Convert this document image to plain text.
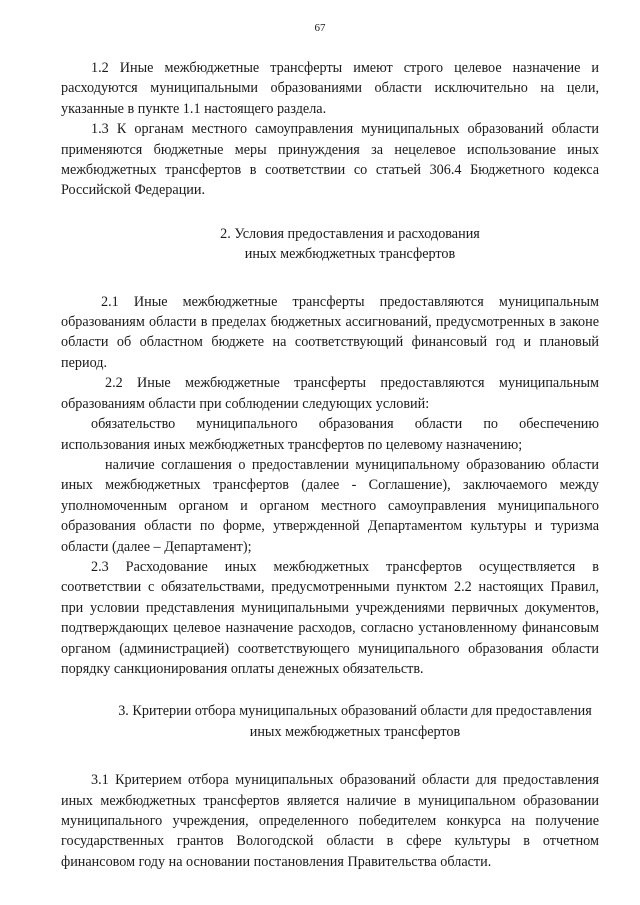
67

1.2 Иные межбюджетные трансферты имеют строго целевое назначение и расходуются муниципальными образованиями области исключительно на цели, указанные в пункте 1.1 настоящего раздела.

1.3 К органам местного самоуправления муниципальных образований области применяются бюджетные меры принуждения за нецелевое использование иных межбюджетных трансфертов в соответствии со статьей 306.4 Бюджетного кодекса Российской Федерации.

2. Условия предоставления и расходования
иных межбюджетных трансфертов

2.1 Иные межбюджетные трансферты предоставляются муниципальным образованиям области в пределах бюджетных ассигнований, предусмотренных в законе области об областном бюджете на соответствующий финансовый год и плановый период.

2.2 Иные межбюджетные трансферты предоставляются муниципальным образованиям области при соблюдении следующих условий:

обязательство муниципального образования области по обеспечению использования иных межбюджетных трансфертов по целевому назначению;

наличие соглашения о предоставлении муниципальному образованию области иных межбюджетных трансфертов (далее - Соглашение), заключаемого между уполномоченным органом и органом местного самоуправления муниципального образования области по форме, утвержденной Департаментом культуры и туризма области (далее – Департамент);

2.3 Расходование иных межбюджетных трансфертов осуществляется в соответствии с обязательствами, предусмотренными пунктом 2.2 настоящих Правил, при условии представления муниципальными учреждениями первичных документов, подтверждающих целевое назначение расходов, согласно установленному финансовым органом (администрацией) соответствующего муниципального образования области порядку санкционирования оплаты денежных обязательств.

3. Критерии отбора муниципальных образований области для предоставления иных межбюджетных трансфертов

3.1 Критерием отбора муниципальных образований области для предоставления иных межбюджетных трансфертов является наличие в муниципальном образовании муниципального учреждения, определенного победителем конкурса на получение государственных грантов Вологодской области в сфере культуры в отчетном финансовом году на основании постановления Правительства области.
